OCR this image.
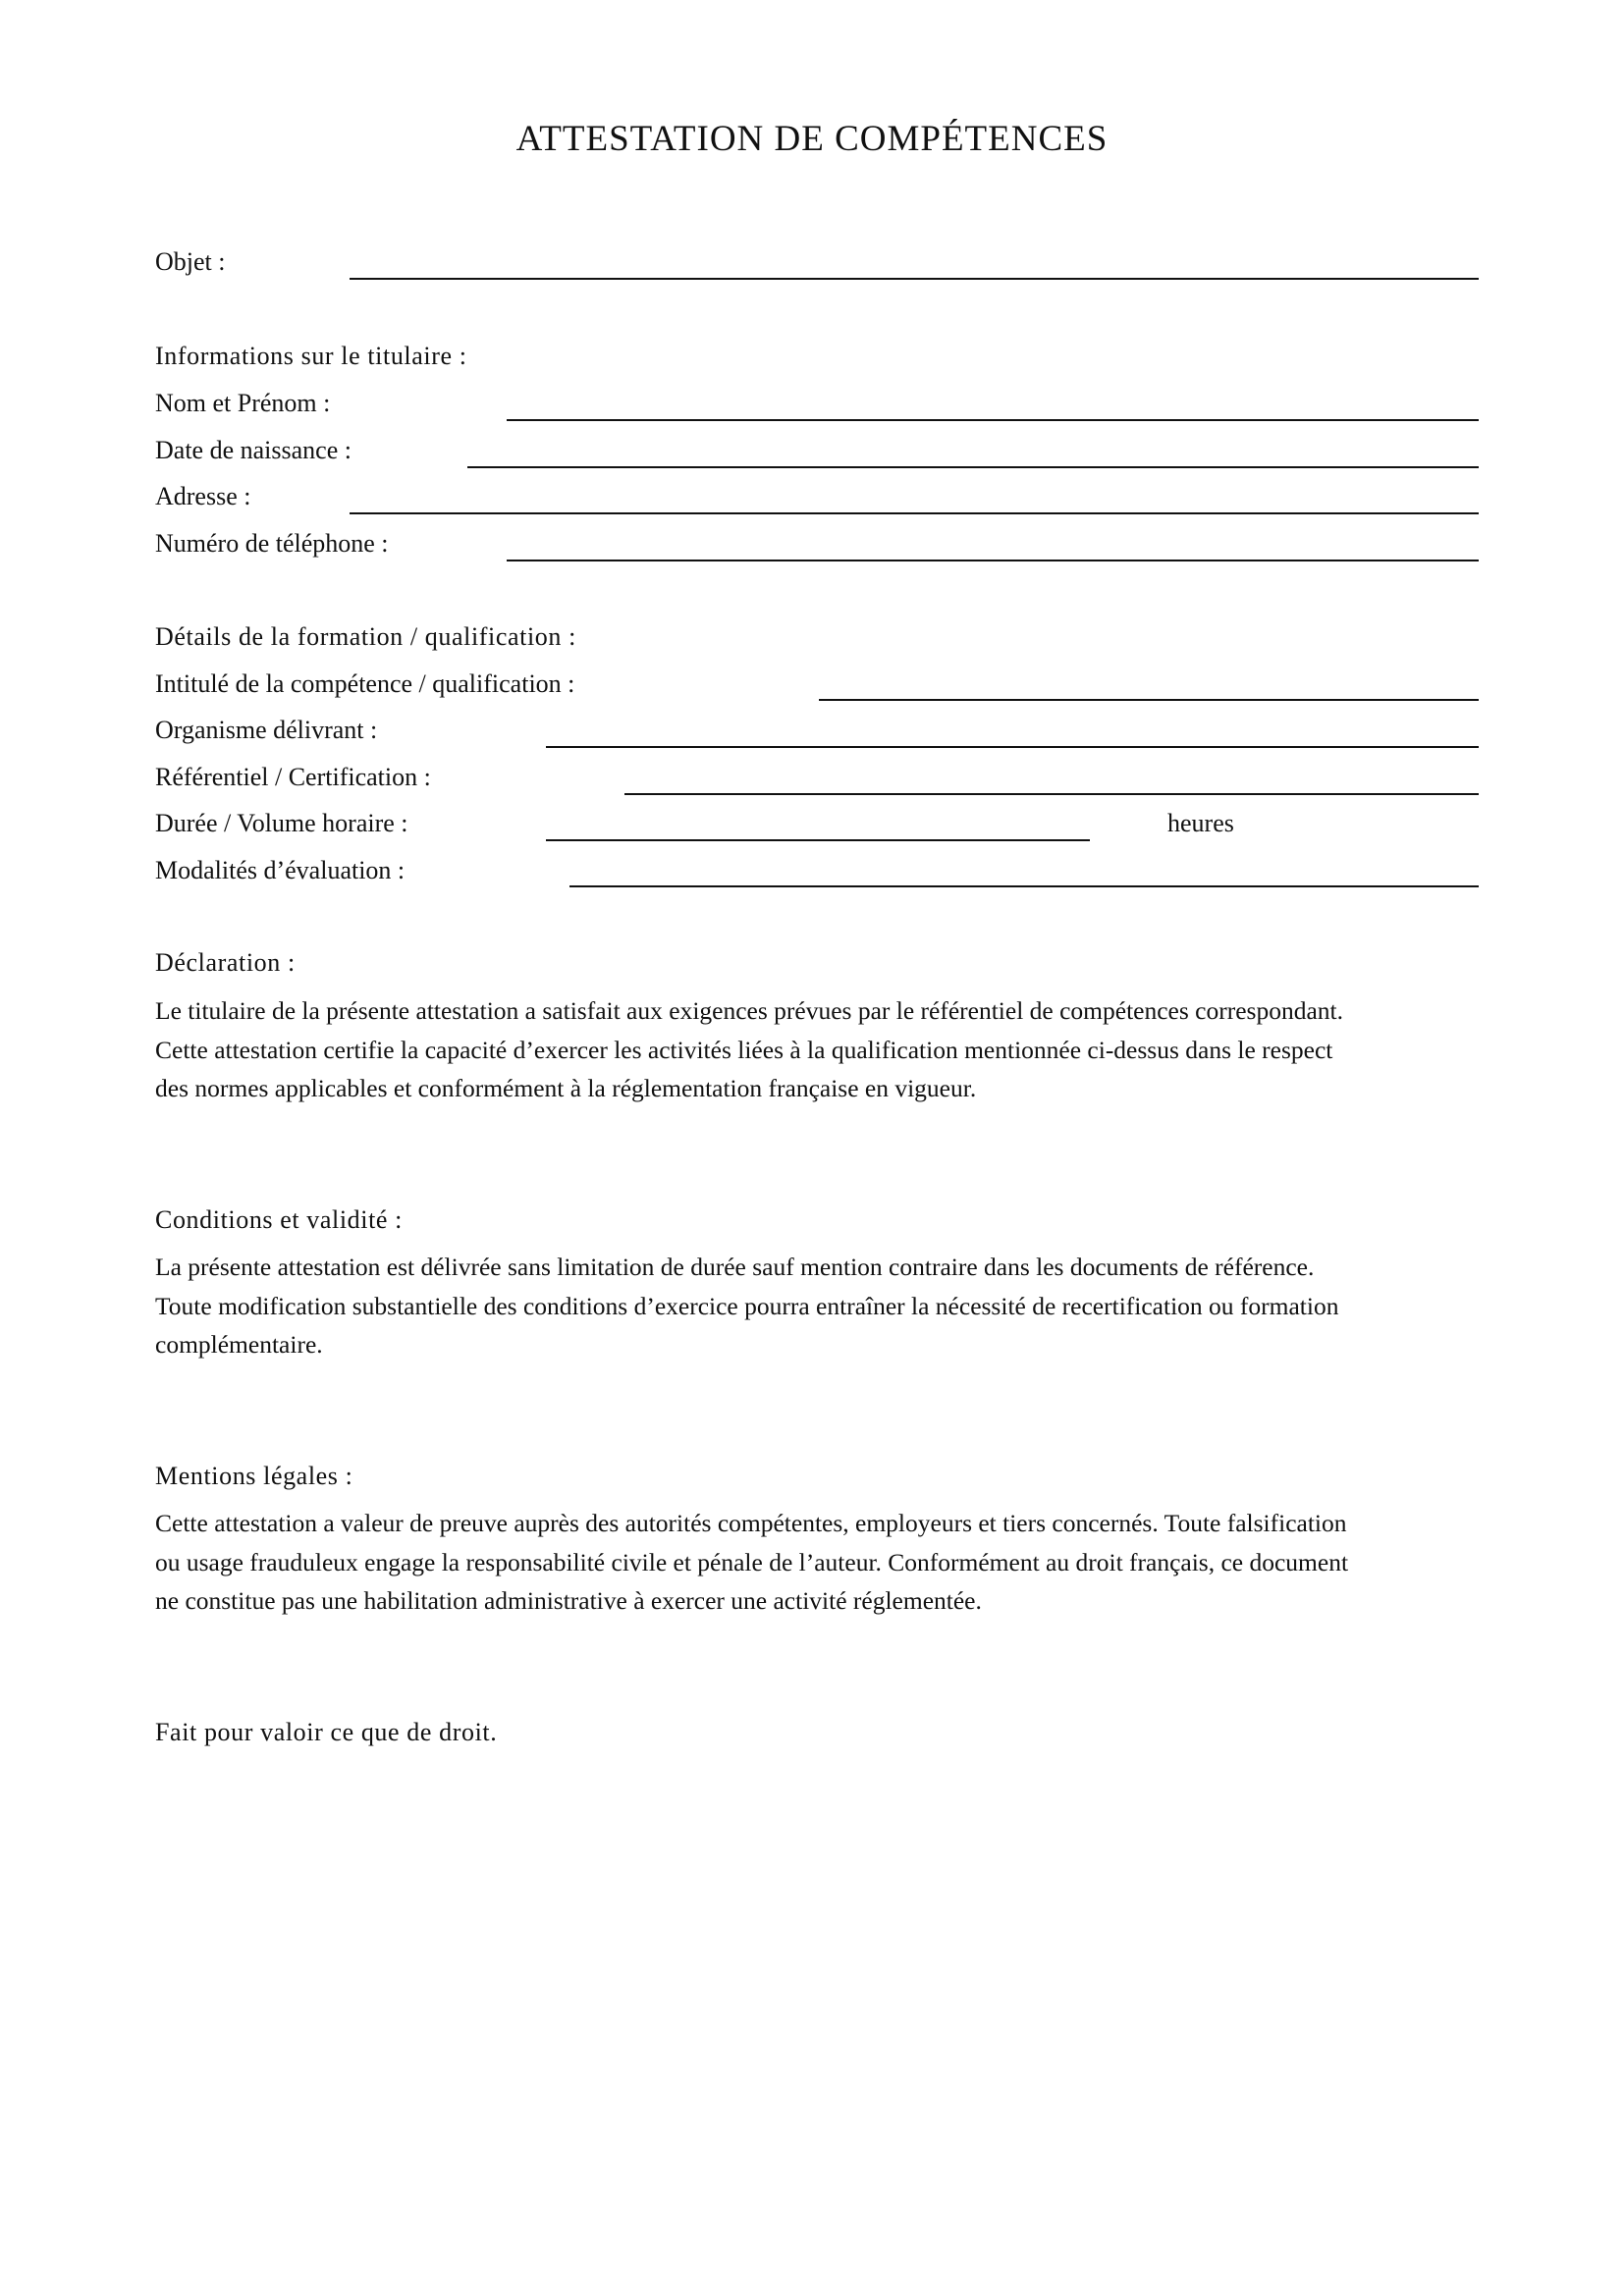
ATTESTATION DE COMPÉTENCES
Objet :
Informations sur le titulaire :
Nom et Prénom :
Date de naissance :
Adresse :
Numéro de téléphone :
Détails de la formation / qualification :
Intitulé de la compétence / qualification :
Organisme délivrant :
Référentiel / Certification :
Durée / Volume horaire :	heures
Modalités d’évaluation :
Déclaration :
Le titulaire de la présente attestation a satisfait aux exigences prévues par le référentiel de compétences correspondant.
Cette attestation certifie la capacité d’exercer les activités liées à la qualification mentionnée ci-dessus dans le respect
des normes applicables et conformément à la réglementation française en vigueur.
Conditions et validité :
La présente attestation est délivrée sans limitation de durée sauf mention contraire dans les documents de référence.
Toute modification substantielle des conditions d’exercice pourra entraîner la nécessité de recertification ou formation
complémentaire.
Mentions légales :
Cette attestation a valeur de preuve auprès des autorités compétentes, employeurs et tiers concernés. Toute falsification
ou usage frauduleux engage la responsabilité civile et pénale de l’auteur. Conformément au droit français, ce document
ne constitue pas une habilitation administrative à exercer une activité réglementée.
Fait pour valoir ce que de droit.
